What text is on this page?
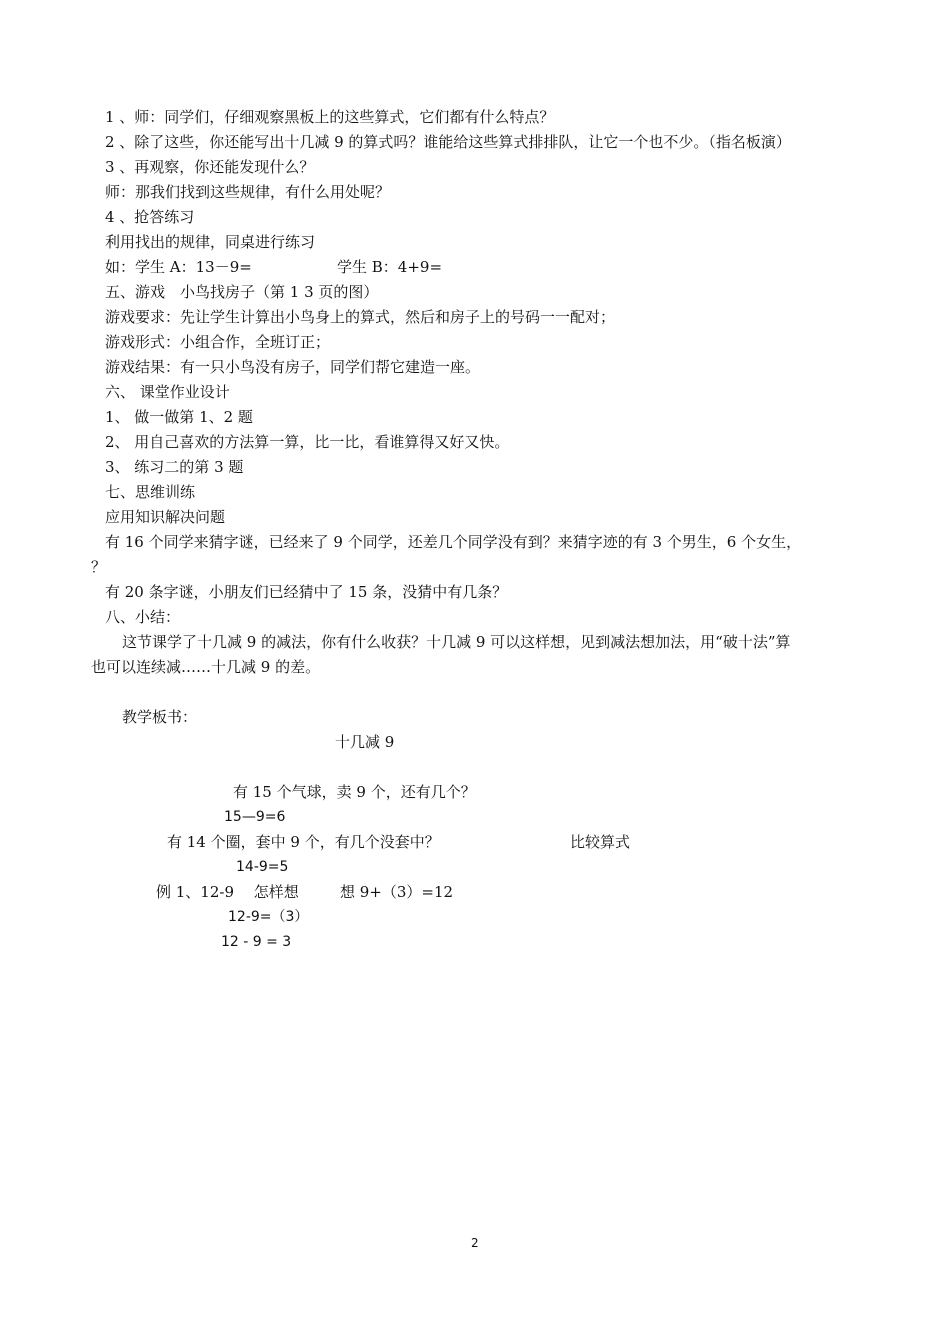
1 、师：同学们，仔细观察黑板上的这些算式，它们都有什么特点？
2 、除了这些，你还能写出十几减 9 的算式吗？谁能给这些算式排排队，让它一个也不少。（指名板演）
3 、再观察，你还能发现什么？
师：那我们找到这些规律，有什么用处呢？
4 、抢答练习
利用找出的规律，同桌进行练习
如：学生 A：13－9=	学生 B：4+9=
五、游戏　小鸟找房子（第 1 3 页的图）
游戏要求：先让学生计算出小鸟身上的算式，然后和房子上的号码一一配对；
游戏形式：小组合作，全班订正；
游戏结果：有一只小鸟没有房子，同学们帮它建造一座。
六、 课堂作业设计
1、 做一做第 1、2 题
2、 用自己喜欢的方法算一算，比一比，看谁算得又好又快。
3、 练习二的第 3 题
七、思维训练
应用知识解决问题
有 16 个同学来猜字谜，已经来了 9 个同学，还差几个同学没有到？来猜字迹的有 3 个男生，6 个女生，
？
有 20 条字谜，小朋友们已经猜中了 15 条，没猜中有几条？
八、小结：
这节课学了十几减 9 的减法，你有什么收获？十几减 9 可以这样想，见到减法想加法，用“破十法”算
也可以连续减……十几减 9 的差。
教学板书：
十几减 9
有 15 个气球，卖 9 个，还有几个？
15—9=6
有 14 个圈，套中 9 个，有几个没套中？	比较算式
14-9=5
例 1、12-9　 怎样想	想 9+（3）=12
12-9=（3）
12 - 9 = 3
2
